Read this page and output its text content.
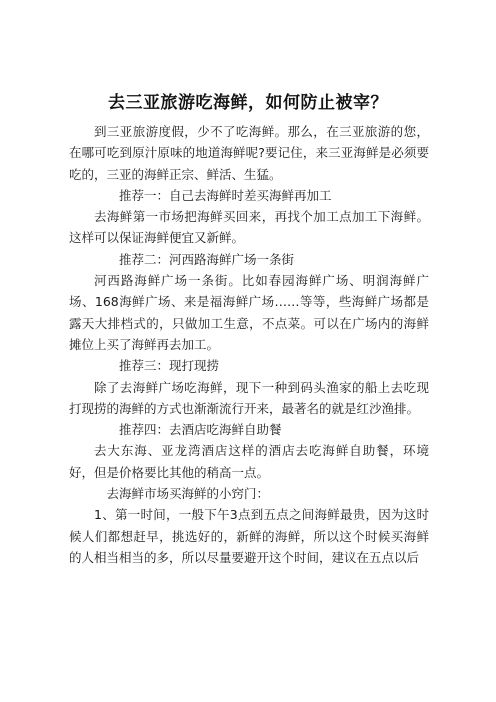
去三亚旅游吃海鲜，如何防止被宰？

到三亚旅游度假，少不了吃海鲜。那么，在三亚旅游的您，在哪可吃到原汁原味的地道海鲜呢?要记住，来三亚海鲜是必须要吃的，三亚的海鲜正宗、鲜活、生猛。

推荐一：自己去海鲜时差买海鲜再加工

去海鲜第一市场把海鲜买回来，再找个加工点加工下海鲜。这样可以保证海鲜便宜又新鲜。

推荐二：河西路海鲜广场一条街

河西路海鲜广场一条街。比如春园海鲜广场、明润海鲜广场、168海鲜广场、来是福海鲜广场……等等，些海鲜广场都是露天大排档式的，只做加工生意，不点菜。可以在广场内的海鲜摊位上买了海鲜再去加工。

推荐三：现打现捞

除了去海鲜广场吃海鲜，现下一种到码头渔家的船上去吃现打现捞的海鲜的方式也渐渐流行开来，最著名的就是红沙渔排。

推荐四：去酒店吃海鲜自助餐

去大东海、亚龙湾酒店这样的酒店去吃海鲜自助餐，环境好，但是价格要比其他的稍高一点。

去海鲜市场买海鲜的小窍门：

1、第一时间，一般下午3点到五点之间海鲜最贵，因为这时候人们都想赶早，挑选好的，新鲜的海鲜，所以这个时候买海鲜的人相当相当的多，所以尽量要避开这个时间，建议在五点以后
